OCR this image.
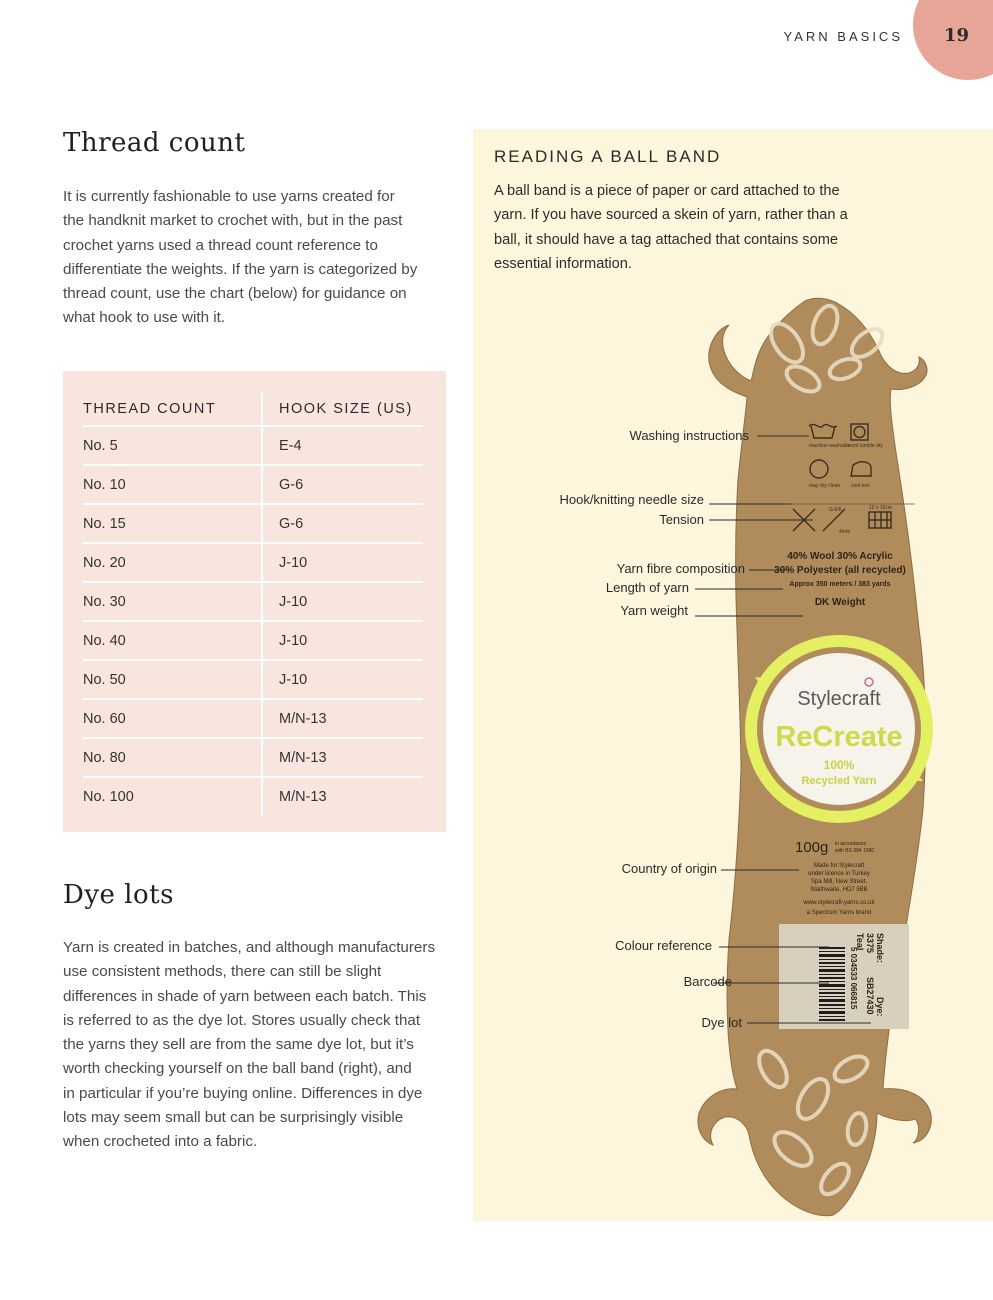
YARN BASICS 19
Thread count
It is currently fashionable to use yarns created for
the handknit market to crochet with, but in the past
crochet yarns used a thread count reference to
differentiate the weights. If the yarn is categorized by
thread count, use the chart (below) for guidance on
what hook to use with it.
THREAD COUNT	HOOK SIZE (US)
No. 5	E-4
No. 10	G-6
No. 15	G-6
No. 20	J-10
No. 30	J-10
No. 40	J-10
No. 50	J-10
No. 60	M/N-13
No. 80	M/N-13
No. 100	M/N-13
Dye lots
Yarn is created in batches, and although manufacturers
use consistent methods, there can still be slight
differences in shade of yarn between each batch. This
is referred to as the dye lot. Stores usually check that
the yarns they sell are from the same dye lot, but it’s
worth checking yourself on the ball band (right), and
in particular if you’re buying online. Differences in dye
lots may seem small but can be surprisingly visible
when crocheted into a fabric.
READING A BALL BAND
A ball band is a piece of paper or card attached to the
yarn. If you have sourced a skein of yarn, rather than a
ball, it should have a tag attached that contains some
essential information.
machine washable
cool tumble dry
may dry clean cool iron
G-6/6
4mm
10 x 10cm
40% Wool 30% Acrylic
30% Polyester (all recycled)
Approx 350 meters / 383 yards
DK Weight
Stylecraft
ReCreate
100%
Recycled Yarn
100g in accordance
with BS 984 1990
Made for Stylecraft
under licence in Turkey
Spa Mill, New Street,
Slaithwaite, HD7 5BB
www.stylecraft-yarns.co.uk
a Spectrum Yarns brand
5 034533 066815 Shade:
3375
Teal
Dye:
SB27430
Washing instructions
Hook/knitting needle size
Tension
Yarn fibre composition
Length of yarn
Yarn weight
Country of origin
Colour reference
Barcode
Dye lot
